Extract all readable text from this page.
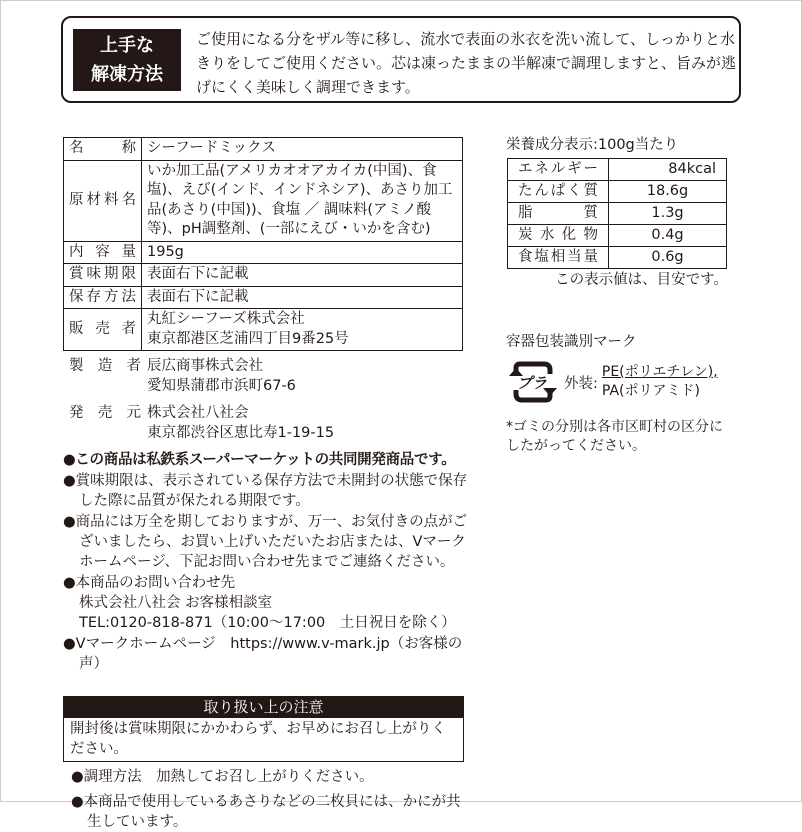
上手な
解凍方法
ご使用になる分をザル等に移し、流水で表面の氷衣を洗い流して、しっかりと水きりをしてご使用ください。芯は凍ったままの半解凍で調理しますと、旨みが逃げにくく美味しく調理できます。
名称	シーフードミックス
原材料名	いか加工品(アメリカオオアカイカ(中国)、食塩)、えび(インド、インドネシア)、あさり加工品(あさり(中国))、食塩 ／ 調味料(アミノ酸等)、pH調整剤、(一部にえび・いかを含む)
内容量	195g
賞味期限	表面右下に記載
保存方法	表面右下に記載
販売者	丸紅シーフーズ株式会社
東京都港区芝浦四丁目9番25号
製造者 辰広商事株式会社
愛知県蒲郡市浜町67-6
発売元 株式会社八社会
東京都渋谷区恵比寿1-19-15
●この商品は私鉄系スーパーマーケットの共同開発商品です。
●賞味期限は、表示されている保存方法で未開封の状態で保存した際に品質が保たれる期限です。
●商品には万全を期しておりますが、万一、お気付きの点がございましたら、お買い上げいただいたお店または、Vマークホームページ、下記お問い合わせ先までご連絡ください。
●本商品のお問い合わせ先
株式会社八社会 お客様相談室
TEL:0120-818-871（10:00～17:00　土日祝日を除く）
●Vマークホームページ　https://www.v-mark.jp（お客様の声）
取り扱い上の注意
開封後は賞味期限にかかわらず、お早めにお召し上がりください。
●調理方法　加熱してお召し上がりください。
●本商品で使用しているあさりなどの二枚貝には、かにが共生しています。
栄養成分表示:100g当たり
エネルギー	84kcal
たんぱく質	18.6g
脂質	1.3g
炭水化物	0.4g
食塩相当量	0.6g
この表示値は、目安です。
容器包装識別マーク
プラ 外装:
PE(ポリエチレン),
PA(ポリアミド)
*ゴミの分別は各市区町村の区分にしたがってください。
